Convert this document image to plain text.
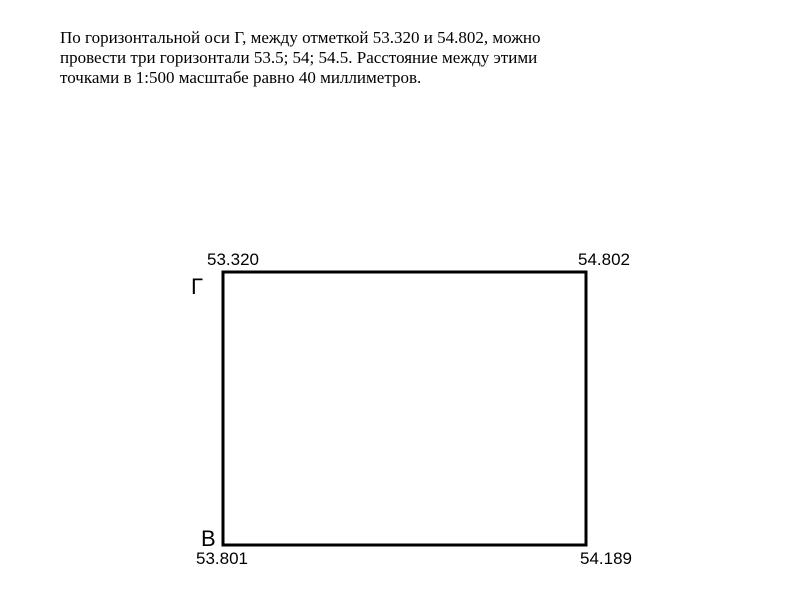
По горизонтальной оси Г, между отметкой 53.320 и 54.802, можно
провести три горизонтали 53.5; 54; 54.5. Расстояние между этими
точками в 1:500 масштабе равно 40 миллиметров.
53.320	54.802
53.801	54.189
Г
В
